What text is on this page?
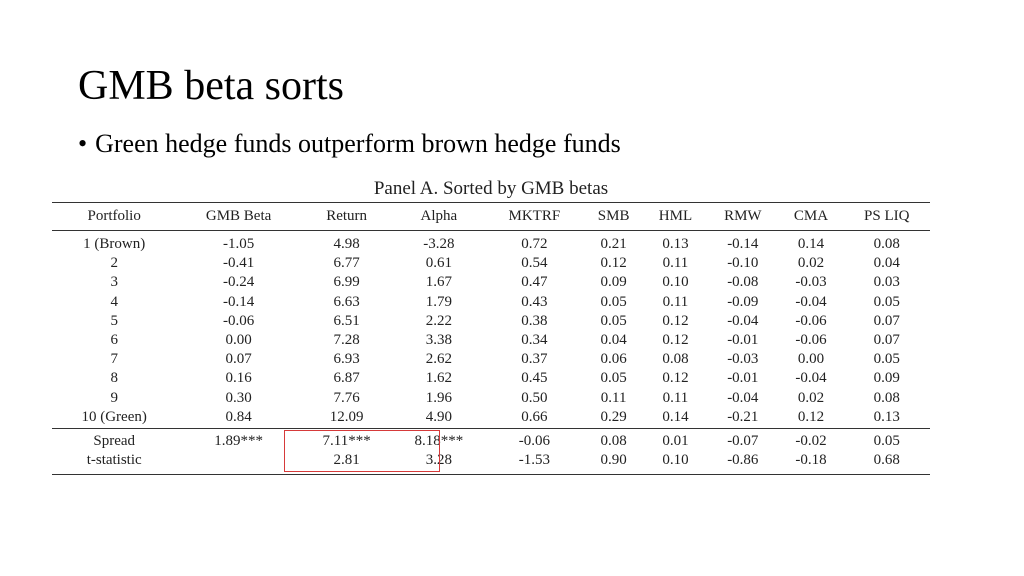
GMB beta sorts
• Green hedge funds outperform brown hedge funds
Panel A. Sorted by GMB betas
Portfolio	GMB Beta	Return	Alpha	MKTRF	SMB	HML	RMW	CMA	PS LIQ
1 (Brown)	-1.05	4.98	-3.28	0.72	0.21	0.13	-0.14	0.14	0.08
2	-0.41	6.77	0.61	0.54	0.12	0.11	-0.10	0.02	0.04
3	-0.24	6.99	1.67	0.47	0.09	0.10	-0.08	-0.03	0.03
4	-0.14	6.63	1.79	0.43	0.05	0.11	-0.09	-0.04	0.05
5	-0.06	6.51	2.22	0.38	0.05	0.12	-0.04	-0.06	0.07
6	0.00	7.28	3.38	0.34	0.04	0.12	-0.01	-0.06	0.07
7	0.07	6.93	2.62	0.37	0.06	0.08	-0.03	0.00	0.05
8	0.16	6.87	1.62	0.45	0.05	0.12	-0.01	-0.04	0.09
9	0.30	7.76	1.96	0.50	0.11	0.11	-0.04	0.02	0.08
10 (Green)	0.84	12.09	4.90	0.66	0.29	0.14	-0.21	0.12	0.13
Spread	1.89***	7.11***	8.18***	-0.06	0.08	0.01	-0.07	-0.02	0.05
t-statistic		2.81	3.28	-1.53	0.90	0.10	-0.86	-0.18	0.68
